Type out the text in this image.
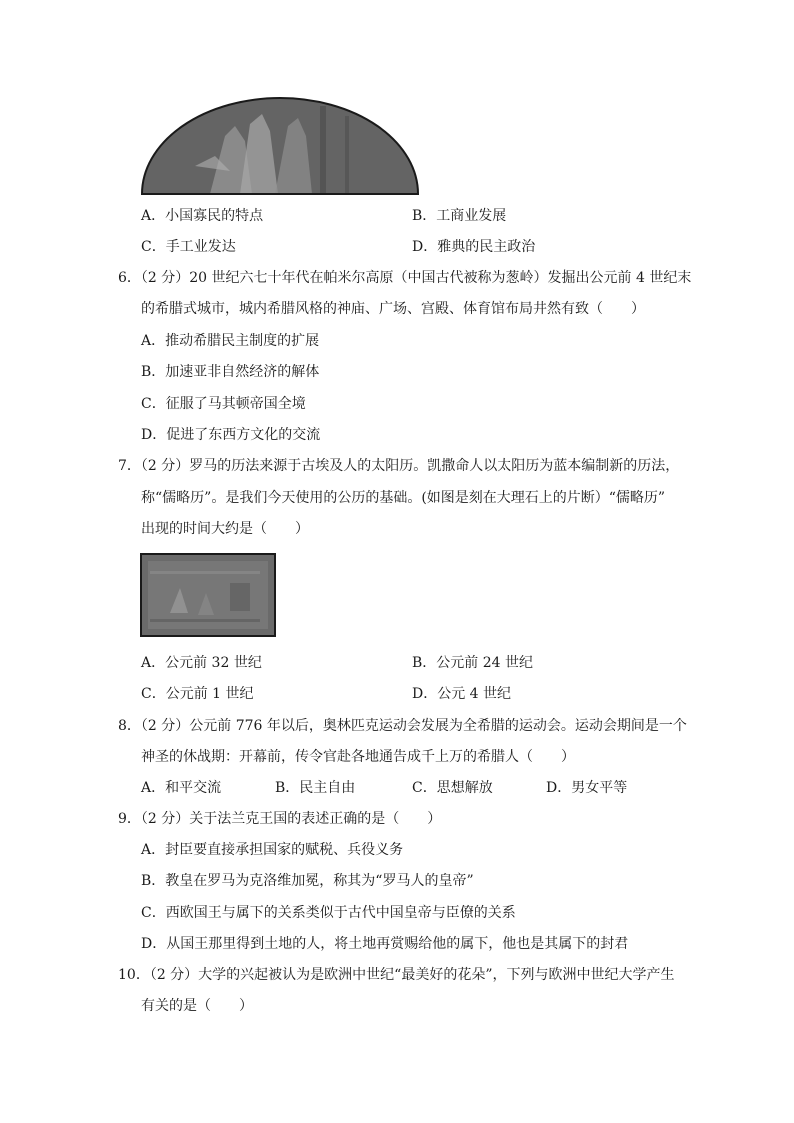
A．小国寡民的特点	B．工商业发展
C．手工业发达	D．雅典的民主政治
6．（2 分）20 世纪六七十年代在帕米尔高原（中国古代被称为葱岭）发掘出公元前 4 世纪末
的希腊式城市，城内希腊风格的神庙、广场、宫殿、体育馆布局井然有致（　　）
A．推动希腊民主制度的扩展
B．加速亚非自然经济的解体
C．征服了马其顿帝国全境
D．促进了东西方文化的交流
7．（2 分）罗马的历法来源于古埃及人的太阳历。凯撒命人以太阳历为蓝本编制新的历法，
称“儒略历”。是我们今天使用的公历的基础。(如图是刻在大理石上的片断）“儒略历”
出现的时间大约是（　　）
A．公元前 32 世纪	B．公元前 24 世纪
C．公元前 1 世纪	D．公元 4 世纪
8．（2 分）公元前 776 年以后，奥林匹克运动会发展为全希腊的运动会。运动会期间是一个
神圣的休战期：开幕前，传令官赴各地通告成千上万的希腊人（　　）
A．和平交流	B．民主自由	C．思想解放	D．男女平等
9．（2 分）关于法兰克王国的表述正确的是（　　）
A．封臣要直接承担国家的赋税、兵役义务
B．教皇在罗马为克洛维加冕，称其为“罗马人的皇帝”
C．西欧国王与属下的关系类似于古代中国皇帝与臣僚的关系
D．从国王那里得到土地的人，将土地再赏赐给他的属下，他也是其属下的封君
10．（2 分）大学的兴起被认为是欧洲中世纪“最美好的花朵”，下列与欧洲中世纪大学产生
有关的是（　　）
